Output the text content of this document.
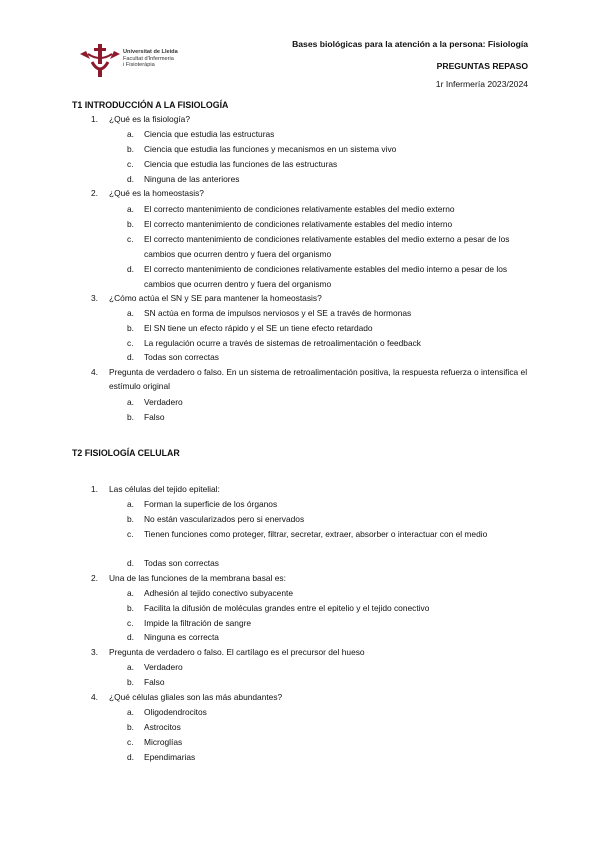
Universitat de Lleida
Facultat d'Infermeria
i Fisioteràpia
Bases biológicas para la atención a la persona: Fisiología
PREGUNTAS REPASO
1r Infermería 2023/2024
T1 INTRODUCCIÓN A LA FISIOLOGÍA
1. ¿Qué es la fisiología?
a. Ciencia que estudia las estructuras
b. Ciencia que estudia las funciones y mecanismos en un sistema vivo
c. Ciencia que estudia las funciones de las estructuras
d. Ninguna de las anteriores
2. ¿Qué es la homeostasis?
a. El correcto mantenimiento de condiciones relativamente estables del medio externo
b. El correcto mantenimiento de condiciones relativamente estables del medio interno
c. El correcto mantenimiento de condiciones relativamente estables del medio externo a pesar de los cambios que ocurren dentro y fuera del organismo
d. El correcto mantenimiento de condiciones relativamente estables del medio interno a pesar de los cambios que ocurren dentro y fuera del organismo
3. ¿Cómo actúa el SN y SE para mantener la homeostasis?
a. SN actúa en forma de impulsos nerviosos y el SE a través de hormonas
b. El SN tiene un efecto rápido y el SE un tiene efecto retardado
c. La regulación ocurre a través de sistemas de retroalimentación o feedback
d. Todas son correctas
4. Pregunta de verdadero o falso. En un sistema de retroalimentación positiva, la respuesta refuerza o intensifica el estímulo original
a. Verdadero
b. Falso
T2 FISIOLOGÍA CELULAR
1. Las células del tejido epitelial:
a. Forman la superficie de los órganos
b. No están vascularizados pero si enervados
c. Tienen funciones como proteger, filtrar, secretar, extraer, absorber o interactuar con el medio
d. Todas son correctas
2. Una de las funciones de la membrana basal es:
a. Adhesión al tejido conectivo subyacente
b. Facilita la difusión de moléculas grandes entre el epitelio y el tejido conectivo
c. Impide la filtración de sangre
d. Ninguna es correcta
3. Pregunta de verdadero o falso. El cartílago es el precursor del hueso
a. Verdadero
b. Falso
4. ¿Qué células gliales son las más abundantes?
a. Oligodendrocitos
b. Astrocitos
c. Microglías
d. Ependimarias
